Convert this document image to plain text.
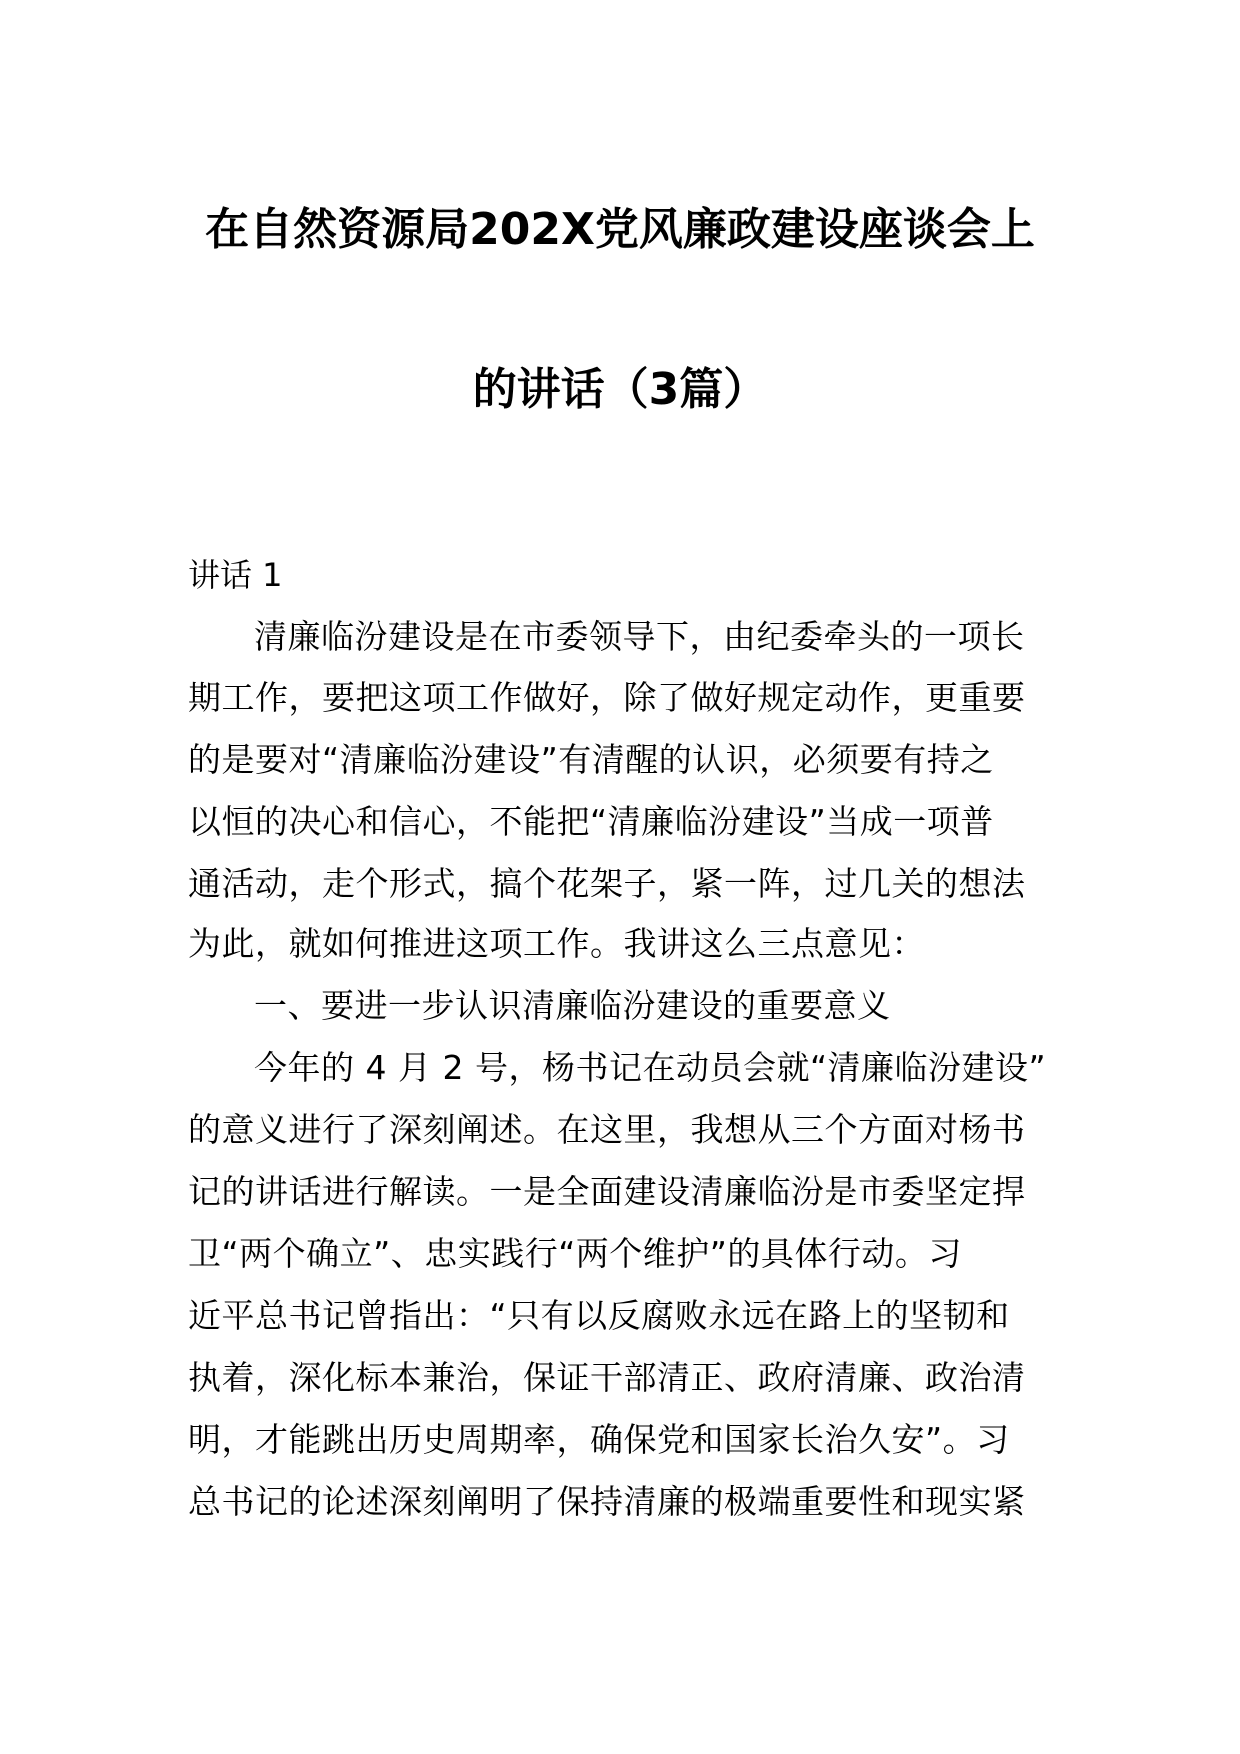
在自然资源局202X党风廉政建设座谈会上
的讲话（3篇）
讲话 1
清廉临汾建设是在市委领导下，由纪委牵头的一项长
期工作，要把这项工作做好，除了做好规定动作，更重要
的是要对“清廉临汾建设”有清醒的认识，必须要有持之
以恒的决心和信心，不能把“清廉临汾建设”当成一项普
通活动，走个形式，搞个花架子，紧一阵，过几关的想法
为此，就如何推进这项工作。我讲这么三点意见：
一、要进一步认识清廉临汾建设的重要意义
今年的 4 月 2 号，杨书记在动员会就“清廉临汾建设”
的意义进行了深刻阐述。在这里，我想从三个方面对杨书
记的讲话进行解读。一是全面建设清廉临汾是市委坚定捍
卫“两个确立”、忠实践行“两个维护”的具体行动。习
近平总书记曾指出：“只有以反腐败永远在路上的坚韧和
执着，深化标本兼治，保证干部清正、政府清廉、政治清
明，才能跳出历史周期率，确保党和国家长治久安”。习
总书记的论述深刻阐明了保持清廉的极端重要性和现实紧
